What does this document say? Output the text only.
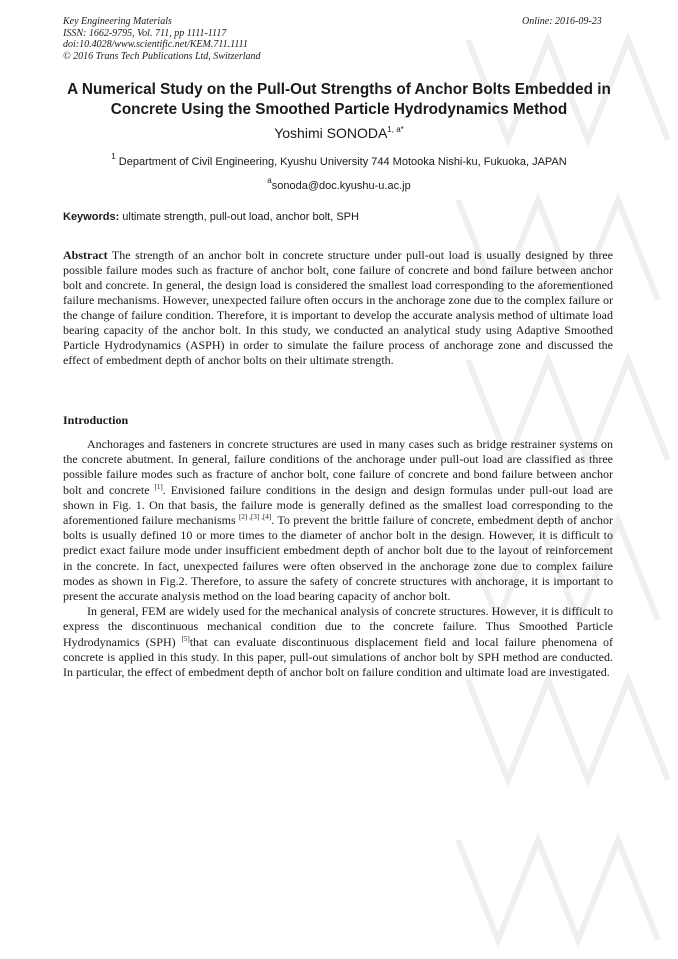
Key Engineering Materials
ISSN: 1662-9795, Vol. 711, pp 1111-1117
doi:10.4028/www.scientific.net/KEM.711.1111
© 2016 Trans Tech Publications Ltd, Switzerland
Online: 2016-09-23
A Numerical Study on the Pull-Out Strengths of Anchor Bolts Embedded in Concrete Using the Smoothed Particle Hydrodynamics Method
Yoshimi $SONODA^{1, a*}$
$^1$ Department of Civil Engineering, Kyushu University 744 Motooka Nishi-ku, Fukuoka, JAPAN
$^a$sonoda@doc.kyushu-u.ac.jp
Keywords: ultimate strength, pull-out load, anchor bolt, SPH

Abstract The strength of an anchor bolt in concrete structure under pull-out load is usually designed by three possible failure modes such as fracture of anchor bolt, cone failure of concrete and bond failure between anchor bolt and concrete. In general, the design load is considered the smallest load corresponding to the aforementioned failure mechanisms. However, unexpected failure often occurs in the anchorage zone due to the complex failure or the change of failure condition. Therefore, it is important to develop the accurate analysis method of ultimate load bearing capacity of the anchor bolt. In this study, we conducted an analytical study using Adaptive Smoothed Particle Hydrodynamics (ASPH) in order to simulate the failure process of anchorage zone and discussed the effect of embedment depth of anchor bolts on their ultimate strength.

Introduction

Anchorages and fasteners in concrete structures are used in many cases such as bridge restrainer systems on the concrete abutment. In general, failure conditions of the anchorage under pull-out load are classified as three possible failure modes such as fracture of anchor bolt, cone failure of concrete and bond failure between anchor bolt and concrete [1]. Envisioned failure conditions in the design and design formulas under pull-out load are shown in Fig. 1. On that basis, the failure mode is generally defined as the smallest load corresponding to the aforementioned failure mechanisms [2] ,[3] ,[4]. To prevent the brittle failure of concrete, embedment depth of anchor bolts is usually defined 10 or more times to the diameter of anchor bolt in the design. However, it is difficult to predict exact failure mode under insufficient embedment depth of anchor bolt due to the layout of reinforcement in the concrete. In fact, unexpected failures were often observed in the anchorage zone due to complex failure modes as shown in Fig.2. Therefore, to assure the safety of concrete structures with anchorage, it is important to present the accurate analysis method on the load bearing capacity of anchor bolt.

In general, FEM are widely used for the mechanical analysis of concrete structures. However, it is difficult to express the discontinuous mechanical condition due to the concrete failure. Thus Smoothed Particle Hydrodynamics (SPH) [5]that can evaluate discontinuous displacement field and local failure phenomena of concrete is applied in this study. In this paper, pull-out simulations of anchor bolt by SPH method are conducted. In particular, the effect of embedment depth of anchor bolt on failure condition and ultimate load are investigated.
